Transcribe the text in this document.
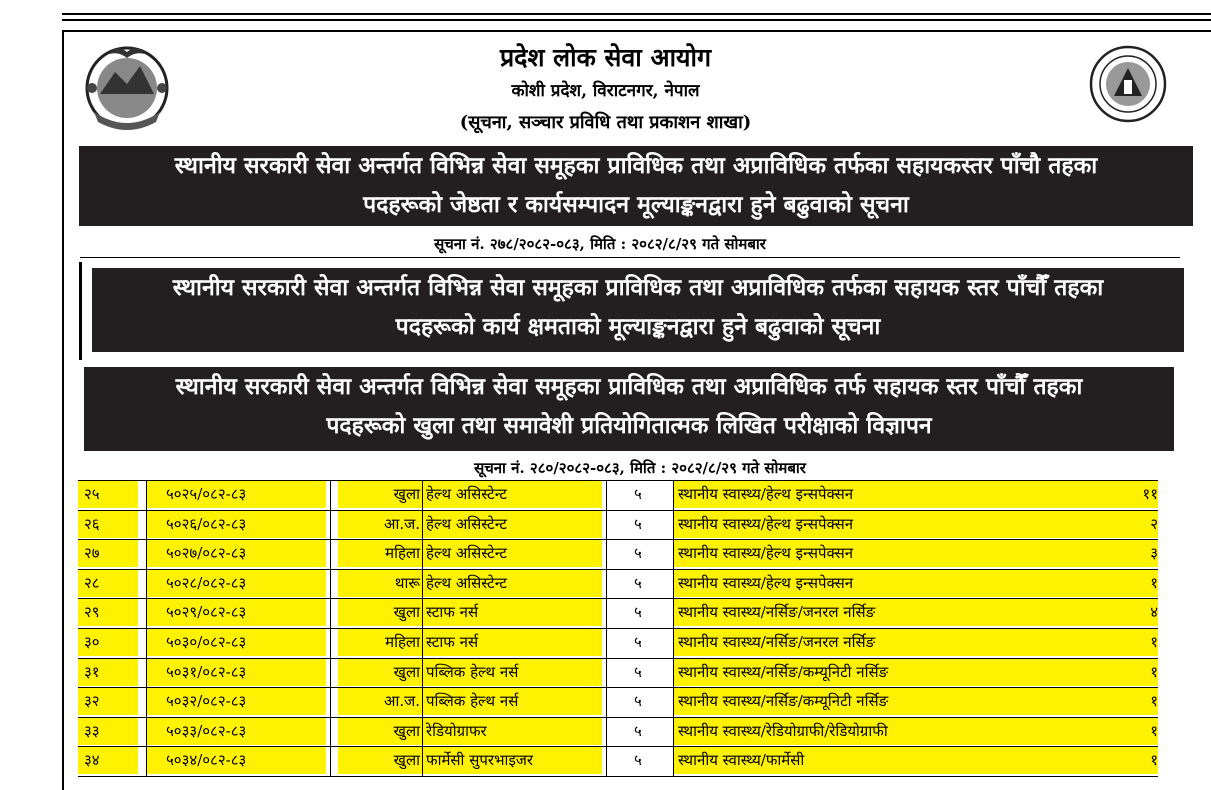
प्रदेश लोक सेवा आयोग
कोशी प्रदेश, विराटनगर, नेपाल
(सूचना, सञ्चार प्रविधि तथा प्रकाशन शाखा)
स्थानीय सरकारी सेवा अन्तर्गत विभिन्न सेवा समूहका प्राविधिक तथा अप्राविधिक तर्फका सहायकस्तर पाँचौ तहका
पदहरूको जेष्ठता र कार्यसम्पादन मूल्याङ्कनद्वारा हुने बढुवाको सूचना
सूचना नं. २७८/२०८२-०८३, मिति : २०८२/८/२९ गते सोमबार
स्थानीय सरकारी सेवा अन्तर्गत विभिन्न सेवा समूहका प्राविधिक तथा अप्राविधिक तर्फका सहायक स्तर पाँचौँ तहका
पदहरूको कार्य क्षमताको मूल्याङ्कनद्वारा हुने बढुवाको सूचना
स्थानीय सरकारी सेवा अन्तर्गत विभिन्न सेवा समूहका प्राविधिक तथा अप्राविधिक तर्फ सहायक स्तर पाँचौँ तहका
पदहरूको खुला तथा समावेशी प्रतियोगितात्मक लिखित परीक्षाको विज्ञापन
सूचना नं. २८०/२०८२-०८३, मिति : २०८२/८/२९ गते सोमबार
२५	५०२५/०८२-८३	खुला हेल्थ असिस्टेन्ट	५ स्थानीय स्वास्थ्य/हेल्थ इन्सपेक्सन	११
२६	५०२६/०८२-८३	आ.ज. हेल्थ असिस्टेन्ट	५ स्थानीय स्वास्थ्य/हेल्थ इन्सपेक्सन	२
२७	५०२७/०८२-८३	महिला हेल्थ असिस्टेन्ट	५ स्थानीय स्वास्थ्य/हेल्थ इन्सपेक्सन	३
२८	५०२८/०८२-८३	थारू हेल्थ असिस्टेन्ट	५ स्थानीय स्वास्थ्य/हेल्थ इन्सपेक्सन	१
२९	५०२९/०८२-८३	खुला स्टाफ नर्स	५ स्थानीय स्वास्थ्य/नर्सिङ/जनरल नर्सिङ	४
३०	५०३०/०८२-८३	महिला स्टाफ नर्स	५ स्थानीय स्वास्थ्य/नर्सिङ/जनरल नर्सिङ	१
३१	५०३१/०८२-८३	खुला पब्लिक हेल्थ नर्स	५ स्थानीय स्वास्थ्य/नर्सिङ/कम्यूनिटी नर्सिङ	१
३२	५०३२/०८२-८३	आ.ज. पब्लिक हेल्थ नर्स	५ स्थानीय स्वास्थ्य/नर्सिङ/कम्यूनिटी नर्सिङ	१
३३	५०३३/०८२-८३	खुला रेडियोग्राफर	५ स्थानीय स्वास्थ्य/रेडियोग्राफी/रेडियोग्राफी	१
३४	५०३४/०८२-८३	खुला फार्मेसी सुपरभाइजर	५ स्थानीय स्वास्थ्य/फार्मेसी	१
